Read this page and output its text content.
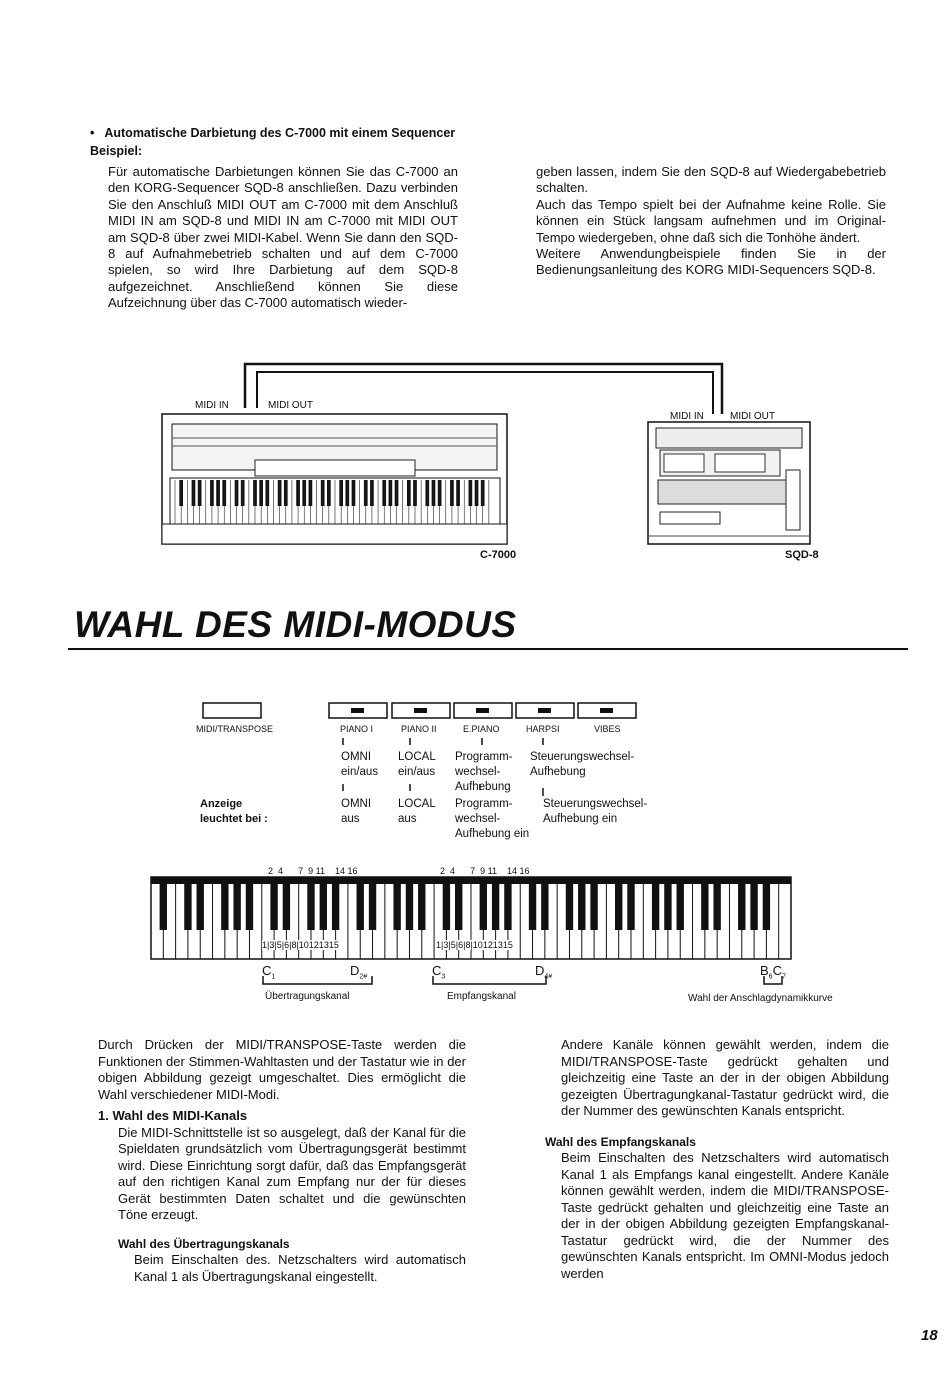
• Automatische Darbietung des C-7000 mit einem Sequencer
Beispiel:

Für automatische Darbietungen können Sie das C-7000 an den KORG-Sequencer SQD-8 anschließen. Dazu verbinden Sie den Anschluß MIDI OUT am C-7000 mit dem Anschluß MIDI IN am SQD-8 und MIDI IN am C-7000 mit MIDI OUT am SQD-8 über zwei MIDI-Kabel. Wenn Sie dann den SQD-8 auf Aufnahmebetrieb schalten und auf dem C-7000 spielen, so wird Ihre Darbietung auf dem SQD-8 aufgezeichnet. Anschließend können Sie diese Aufzeichnung über das C-7000 automatisch wieder-

geben lassen, indem Sie den SQD-8 auf Wiedergabebetrieb schalten.

Auch das Tempo spielt bei der Aufnahme keine Rolle. Sie können ein Stück langsam aufnehmen und im Original-Tempo wiedergeben, ohne daß sich die Tonhöhe ändert.

Weitere Anwendungbeispiele finden Sie in der Bedienungsanleitung des KORG MIDI-Sequencers SQD-8.

MIDI IN	MIDI OUT
MIDI IN	MIDI OUT
C-7000	SQD-8
WAHL DES MIDI-MODUS
MIDI/TRANSPOSE	PIANO I	PIANO II	E.PIANO	HARPSI	VIBES
OMNI
ein/aus
LOCAL
ein/aus
Programm-
wechsel-
Aufhebung
Steuerungswechsel-
Aufhebung
Anzeige
leuchtet bei :
OMNI
aus
LOCAL
aus
Programm-
wechsel-
Aufhebung ein
Steuerungswechsel-
Aufhebung ein
2 4 7 9 11 14 16	2 4 7 9 11 14 16
1|3|5|6|8|10121315	1|3|5|6|8|10121315
$C_1$	$D_{2\#}$	$C_3$	$D_{4\#}$	$B_6C_7$
Übertragungskanal	Empfangskanal	Wahl der Anschlagdynamikkurve

Durch Drücken der MIDI/TRANSPOSE-Taste werden die Funktionen der Stimmen-Wahltasten und der Tastatur wie in der obigen Abbildung gezeigt umgeschaltet. Dies ermöglicht die Wahl verschiedener MIDI-Modi.

1. Wahl des MIDI-Kanals

Die MIDI-Schnittstelle ist so ausgelegt, daß der Kanal für die Spieldaten grundsätzlich vom Übertragungsgerät bestimmt wird. Diese Einrichtung sorgt dafür, daß das Empfangsgerät auf den richtigen Kanal zum Empfang nur der für dieses Gerät bestimmten Daten schaltet und die gewünschten Töne erzeugt.

Wahl des Übertragungskanals

Beim Einschalten des. Netzschalters wird automatisch Kanal 1 als Übertragungskanal eingestellt.

Andere Kanäle können gewählt werden, indem die MIDI/TRANSPOSE-Taste gedrückt gehalten und gleichzeitig eine Taste an der in der obigen Abbildung gezeigten Übertragungkanal-Tastatur gedrückt wird, die der Nummer des gewünschten Kanals entspricht.

Wahl des Empfangskanals

Beim Einschalten des Netzschalters wird automatisch Kanal 1 als Empfangs kanal eingestellt. Andere Kanäle können gewählt werden, indem die MIDI/TRANSPOSE-Taste gedrückt gehalten und gleichzeitig eine Taste an der in der obigen Abbildung gezeigten Empfangskanal-Tastatur gedrückt wird, die der Nummer des gewünschten Kanals entspricht. Im OMNI-Modus jedoch werden

18
